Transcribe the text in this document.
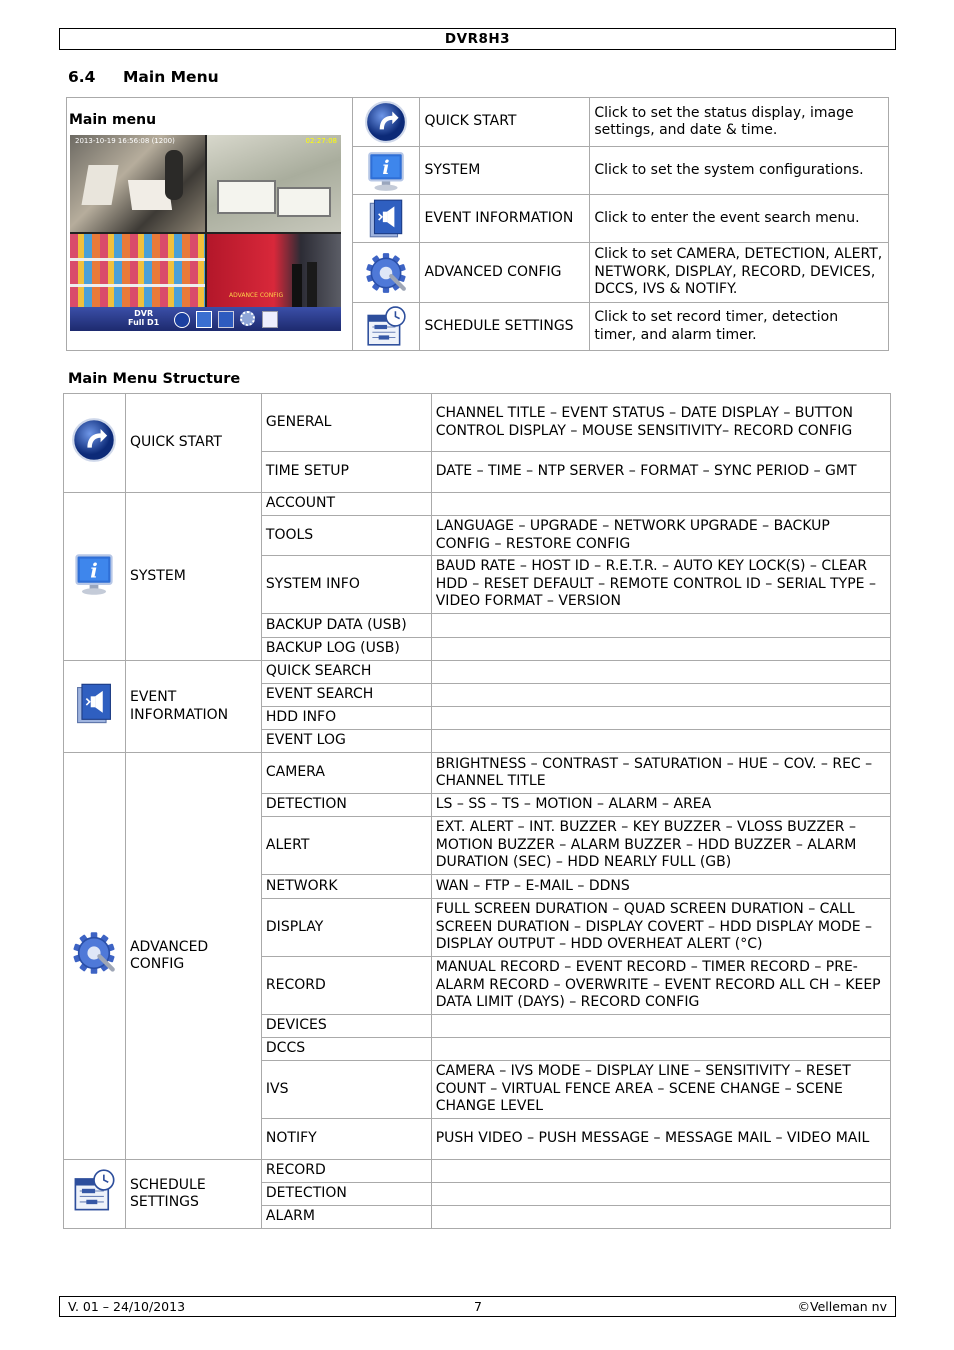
DVR8H3
6.4 Main Menu
Main menu		QUICK START	Click to set the status display, image settings, and date & time.

i	SYSTEM	Click to set the system configurations.

	EVENT INFORMATION	Click to enter the event search menu.

	ADVANCED CONFIG	Click to set CAMERA, DETECTION, ALERT, NETWORK, DISPLAY, RECORD, DEVICES, DCCS, IVS & NOTIFY.

	SCHEDULE SETTINGS	Click to set record timer, detection timer, and alarm timer.
2013-10-19 16:56:08 (1200)	02:27:08
ADVANCE CONFIG
DVR
Full D1
Main Menu Structure
	QUICK START	GENERAL	CHANNEL TITLE – EVENT STATUS – DATE DISPLAY – BUTTON CONTROL DISPLAY – MOUSE SENSITIVITY– RECORD CONFIG
		TIME SETUP	DATE – TIME – NTP SERVER – FORMAT – SYNC PERIOD – GMT

i	SYSTEM	ACCOUNT	
		TOOLS	LANGUAGE – UPGRADE – NETWORK UPGRADE – BACKUP CONFIG – RESTORE CONFIG
		SYSTEM INFO	BAUD RATE – HOST ID – R.E.T.R. – AUTO KEY LOCK(S) – CLEAR HDD – RESET DEFAULT – REMOTE CONTROL ID – SERIAL TYPE – VIDEO FORMAT – VERSION
		BACKUP DATA (USB)	
		BACKUP LOG (USB)	
	EVENT INFORMATION	QUICK SEARCH	
		EVENT SEARCH	
		HDD INFO	
		EVENT LOG	
	ADVANCED CONFIG	CAMERA	BRIGHTNESS – CONTRAST – SATURATION – HUE – COV. – REC – CHANNEL TITLE
		DETECTION	LS – SS – TS – MOTION – ALARM – AREA
		ALERT	EXT. ALERT – INT. BUZZER – KEY BUZZER – VLOSS BUZZER – MOTION BUZZER – ALARM BUZZER – HDD BUZZER – ALARM DURATION (SEC) – HDD NEARLY FULL (GB)
		NETWORK	WAN – FTP – E-MAIL – DDNS
		DISPLAY	FULL SCREEN DURATION – QUAD SCREEN DURATION – CALL SCREEN DURATION – DISPLAY COVERT – HDD DISPLAY MODE – DISPLAY OUTPUT – HDD OVERHEAT ALERT (°C)
		RECORD	MANUAL RECORD – EVENT RECORD – TIMER RECORD – PRE-ALARM RECORD – OVERWRITE – EVENT RECORD ALL CH – KEEP DATA LIMIT (DAYS) – RECORD CONFIG
		DEVICES	
		DCCS	
		IVS	CAMERA – IVS MODE – DISPLAY LINE – SENSITIVITY – RESET COUNT – VIRTUAL FENCE AREA – SCENE CHANGE – SCENE CHANGE LEVEL
		NOTIFY	PUSH VIDEO – PUSH MESSAGE – MESSAGE MAIL – VIDEO MAIL
	SCHEDULE SETTINGS	RECORD	
		DETECTION	
		ALARM	
V. 01 – 24/10/2013	7	©Velleman nv
